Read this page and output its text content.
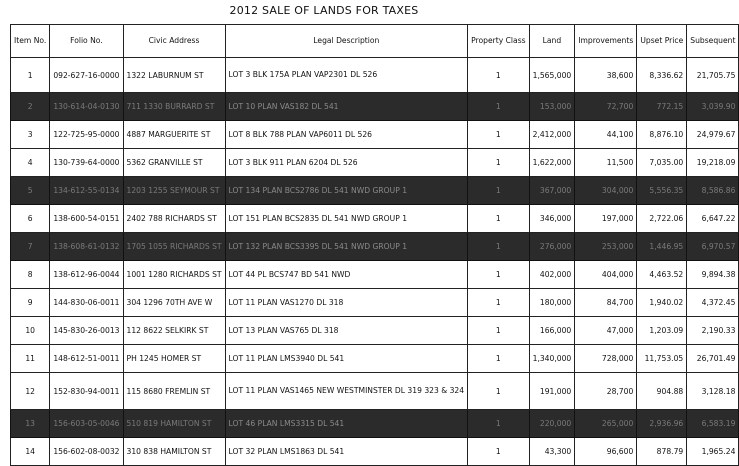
2012 SALE OF LANDS FOR TAXES
Item No.	Folio No.	Civic Address	Legal Description	Property Class	Land	Improvements	Upset Price	Subsequent
1	092-627-16-0000	1322 LABURNUM ST	LOT 3 BLK 175A PLAN VAP2301 DL 526	1	1,565,000	38,600	8,336.62	21,705.75
2	130-614-04-0130	711 1330 BURRARD ST	LOT 10 PLAN VAS182 DL 541	1	153,000	72,700	772.15	3,039.90
3	122-725-95-0000	4887 MARGUERITE ST	LOT 8 BLK 788 PLAN VAP6011 DL 526	1	2,412,000	44,100	8,876.10	24,979.67
4	130-739-64-0000	5362 GRANVILLE ST	LOT 3 BLK 911 PLAN 6204 DL 526	1	1,622,000	11,500	7,035.00	19,218.09
5	134-612-55-0134	1203 1255 SEYMOUR ST	LOT 134 PLAN BCS2786 DL 541 NWD GROUP 1	1	367,000	304,000	5,556.35	8,586.86
6	138-600-54-0151	2402 788 RICHARDS ST	LOT 151 PLAN BCS2835 DL 541 NWD GROUP 1	1	346,000	197,000	2,722.06	6,647.22
7	138-608-61-0132	1705 1055 RICHARDS ST	LOT 132 PLAN BCS3395 DL 541 NWD GROUP 1	1	276,000	253,000	1,446.95	6,970.57
8	138-612-96-0044	1001 1280 RICHARDS ST	LOT 44 PL BCS747 BD 541 NWD	1	402,000	404,000	4,463.52	9,894.38
9	144-830-06-0011	304 1296 70TH AVE W	LOT 11 PLAN VAS1270 DL 318	1	180,000	84,700	1,940.02	4,372.45
10	145-830-26-0013	112 8622 SELKIRK ST	LOT 13 PLAN VAS765 DL 318	1	166,000	47,000	1,203.09	2,190.33
11	148-612-51-0011	PH 1245 HOMER ST	LOT 11 PLAN LMS3940 DL 541	1	1,340,000	728,000	11,753.05	26,701.49
12	152-830-94-0011	115 8680 FREMLIN ST	LOT 11 PLAN VAS1465 NEW WESTMINSTER DL 319 323 & 324	1	191,000	28,700	904.88	3,128.18
13	156-603-05-0046	510 819 HAMILTON ST	LOT 46 PLAN LMS3315 DL 541	1	220,000	265,000	2,936.96	6,583.19
14	156-602-08-0032	310 838 HAMILTON ST	LOT 32 PLAN LMS1863 DL 541	1	43,300	96,600	878.79	1,965.24
